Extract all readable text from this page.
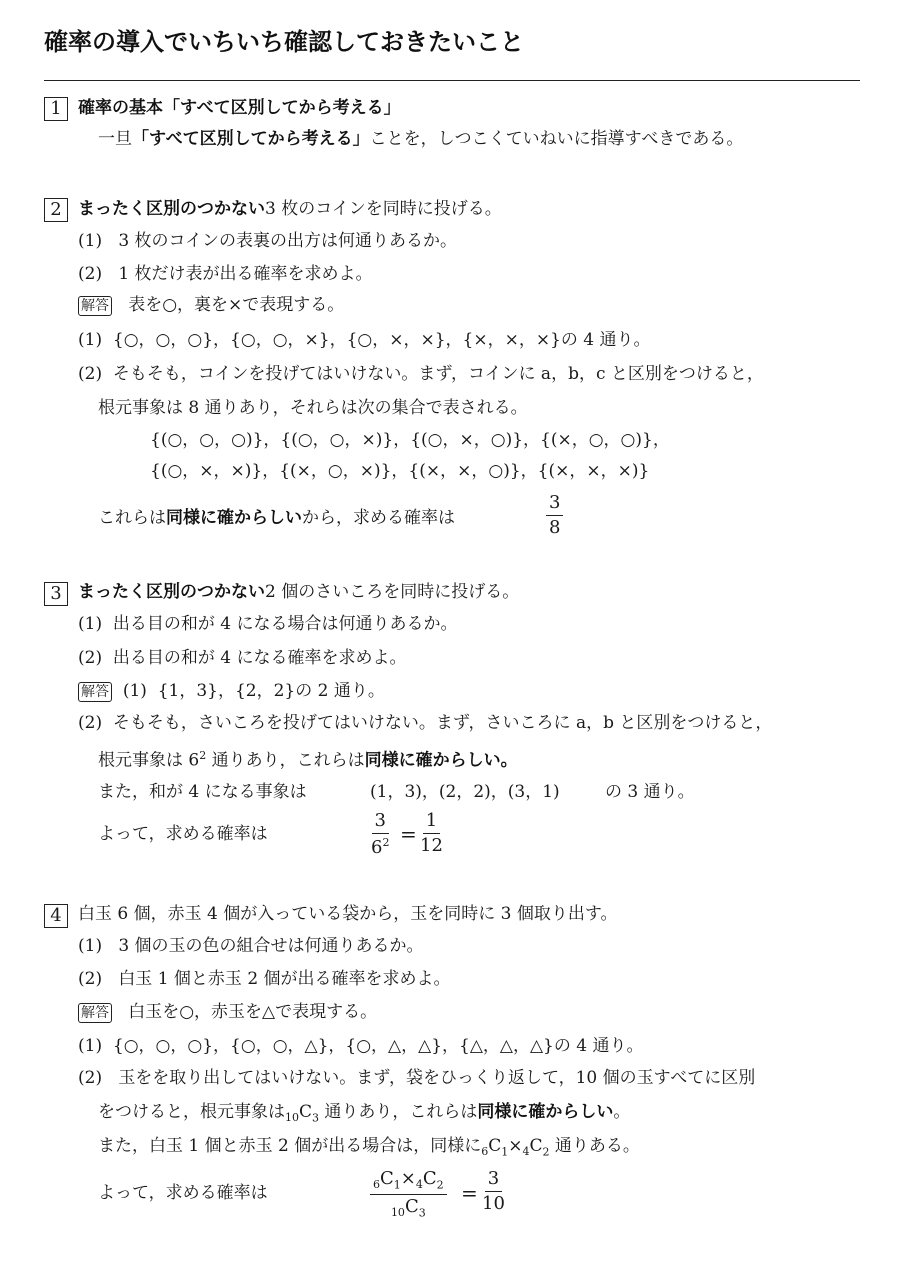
確率の導入でいちいち確認しておきたいこと
1 確率の基本「すべて区別してから考える」
一旦「すべて区別してから考える」ことを，しつこくていねいに指導すべきである。
2 まったく区別のつかない3 枚のコインを同時に投げる。
(1) 3 枚のコインの表裏の出方は何通りあるか。
(2) 1 枚だけ表が出る確率を求めよ。
解答 表を○，裏を×で表現する。
(1) {○，○，○}，{○，○，×}，{○，×，×}，{×，×，×}の 4 通り。
(2) そもそも，コインを投げてはいけない。まず，コインに a，b，c と区別をつけると，
根元事象は 8 通りあり，それらは次の集合で表される。
{(○，○，○)}，{(○，○，×)}，{(○，×，○)}，{(×，○，○)}，
{(○，×，×)}，{(×，○，×)}，{(×，×，○)}，{(×，×，×)}
これらは同様に確からしいから，求める確率は	$\frac{3}{8}$
3 まったく区別のつかない2 個のさいころを同時に投げる。
(1) 出る目の和が 4 になる場合は何通りあるか。
(2) 出る目の和が 4 になる確率を求めよ。
解答 (1) {1，3}，{2，2}の 2 通り。
(2) そもそも，さいころを投げてはいけない。まず，さいころに a，b と区別をつけると，
根元事象は $6^2$ 通りあり，これらは同様に確からしい。
また，和が 4 になる事象は	(1，3)，(2，2)，(3，1)	の 3 通り。
よって，求める確率は	$\frac{3}{6^2} = \frac{1}{12}$
4 白玉 6 個，赤玉 4 個が入っている袋から，玉を同時に 3 個取り出す。
(1) 3 個の玉の色の組合せは何通りあるか。
(2) 白玉 1 個と赤玉 2 個が出る確率を求めよ。
解答 白玉を○，赤玉を△で表現する。
(1) {○，○，○}，{○，○，△}，{○，△，△}，{△，△，△}の 4 通り。
(2) 玉をを取り出してはいけない。まず，袋をひっくり返して，10 個の玉すべてに区別
をつけると，根元事象は$_{10}C_3$ 通りあり，これらは同様に確からしい。
また，白玉 1 個と赤玉 2 個が出る場合は，同様に$_6C_1\times_4C_2$ 通りある。
よって，求める確率は	$\frac{_6C_1\times_4C_2}{_{10}C_3} = \frac{3}{10}$
